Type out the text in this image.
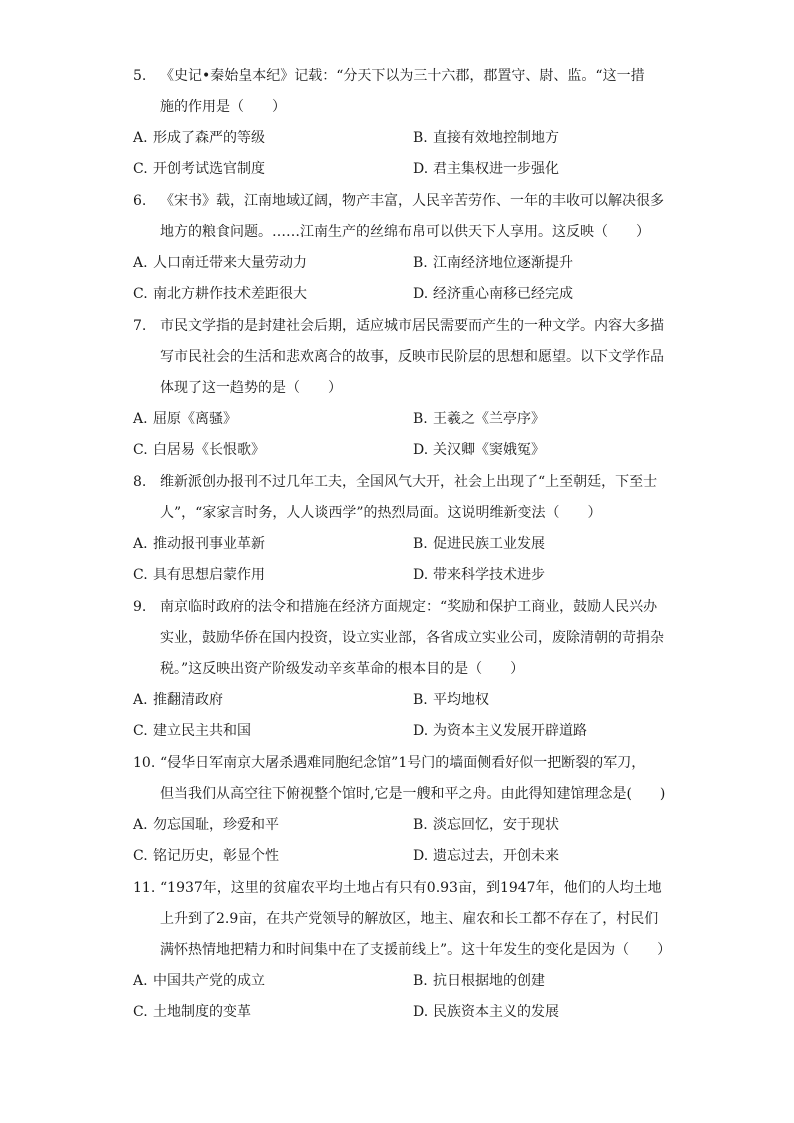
5. 《史记•秦始皇本纪》记载：“分天下以为三十六郡，郡置守、尉、监。“这一措
施的作用是（　　）
A. 形成了森严的等级	B. 直接有效地控制地方
C. 开创考试选官制度	D. 君主集权进一步强化
6. 《宋书》载，江南地域辽阔，物产丰富，人民辛苦劳作、一年的丰收可以解决很多
地方的粮食问题。……江南生产的丝绵布帛可以供天下人享用。这反映（　　）
A. 人口南迁带来大量劳动力	B. 江南经济地位逐渐提升
C. 南北方耕作技术差距很大	D. 经济重心南移已经完成
7. 市民文学指的是封建社会后期，适应城市居民需要而产生的一种文学。内容大多描
写市民社会的生活和悲欢离合的故事，反映市民阶层的思想和愿望。以下文学作品
体现了这一趋势的是（　　）
A. 屈原《离骚》	B. 王羲之《兰亭序》
C. 白居易《长恨歌》	D. 关汉卿《窦娥冤》
8. 维新派创办报刊不过几年工夫，全国风气大开，社会上出现了“上至朝廷，下至士
人”，“家家言时务，人人谈西学”的热烈局面。这说明维新变法（　　）
A. 推动报刊事业革新	B. 促进民族工业发展
C. 具有思想启蒙作用	D. 带来科学技术进步
9. 南京临时政府的法令和措施在经济方面规定：“奖励和保护工商业，鼓励人民兴办
实业，鼓励华侨在国内投资，设立实业部，各省成立实业公司，废除清朝的苛捐杂
税。”这反映出资产阶级发动辛亥革命的根本目的是（　　）
A. 推翻清政府	B. 平均地权
C. 建立民主共和国	D. 为资本主义发展开辟道路
10. “侵华日军南京大屠杀遇难同胞纪念馆”1号门的墙面侧看好似一把断裂的军刀，
但当我们从高空往下俯视整个馆时,它是一艘和平之舟。由此得知建馆理念是(　　)
A. 勿忘国耻，珍爱和平	B. 淡忘回忆，安于现状
C. 铭记历史，彰显个性	D. 遗忘过去，开创未来
11. “1937年，这里的贫雇农平均土地占有只有0.93亩，到1947年，他们的人均土地
上升到了2.9亩，在共产党领导的解放区，地主、雇农和长工都不存在了，村民们
满怀热情地把精力和时间集中在了支援前线上”。这十年发生的变化是因为（　　）
A. 中国共产党的成立	B. 抗日根据地的创建
C. 土地制度的变革	D. 民族资本主义的发展
